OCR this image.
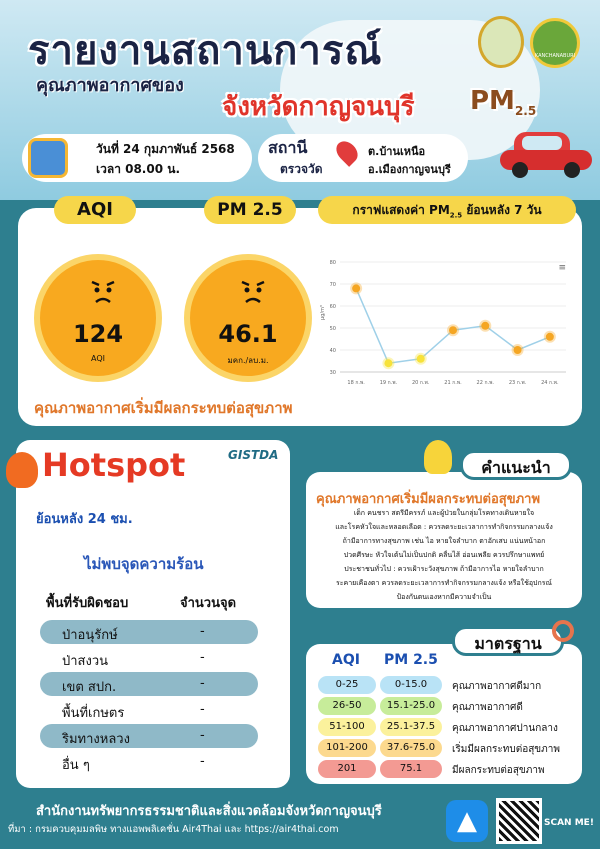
KANCHANABURI
รายงานสถานการณ์
คุณภาพอากาศของ
จังหวัดกาญจนบุรี $PM_{2.5}$
วันที่ 24 กุมภาพันธ์ 2568
เวลา 08.00 น.
สถานี
ตรวจวัด
ต.บ้านเหนือ
อ.เมืองกาญจนบุรี
AQI	PM 2.5	กราฟแสดงค่า $PM_{2.5}$ ย้อนหลัง 7 วัน
124
AQI
46.1
มคก./ลบ.ม.
คุณภาพอากาศเริ่มมีผลกระทบต่อสุขภาพ
80
70
60
50
40
30
µg/m³
≡
18 ก.พ.	19 ก.พ.	20 ก.พ.	21 ก.พ.	22 ก.พ.	23 ก.พ.	24 ก.พ.
Hotspot	GISTDA
ย้อนหลัง 24 ชม.
ไม่พบจุดความร้อน
พื้นที่รับผิดชอบ	จำนวนจุด
ป่าอนุรักษ์	-
ป่าสงวน	-
เขต สปก.	-
พื้นที่เกษตร	-
ริมทางหลวง	-
อื่น ๆ	-
คำแนะนำ
คุณภาพอากาศเริ่มมีผลกระทบต่อสุขภาพ
เด็ก คนชรา สตรีมีครรภ์ และผู้ป่วยในกลุ่มโรคทางเดินหายใจ
และโรคหัวใจและหลอดเลือด : ควรลดระยะเวลาการทำกิจกรรมกลางแจ้ง
ถ้ามีอาการทางสุขภาพ เช่น ไอ หายใจลำบาก ตาอักเสบ แน่นหน้าอก
ปวดศีรษะ หัวใจเต้นไม่เป็นปกติ คลื่นไส้ อ่อนเพลีย ควรปรึกษาแพทย์
ประชาชนทั่วไป : ควรเฝ้าระวังสุขภาพ ถ้ามีอาการไอ หายใจลำบาก
ระคายเคืองตา ควรลดระยะเวลาการทำกิจกรรมกลางแจ้ง หรือใช้อุปกรณ์
ป้องกันตนเองหากมีความจำเป็น
มาตรฐาน
AQI PM 2.5
0-25	0-15.0	คุณภาพอากาศดีมาก
26-50	15.1-25.0	คุณภาพอากาศดี
51-100	25.1-37.5	คุณภาพอากาศปานกลาง
101-200	37.6-75.0	เริ่มมีผลกระทบต่อสุขภาพ
201	75.1	มีผลกระทบต่อสุขภาพ
สำนักงานทรัพยากรธรรมชาติและสิ่งแวดล้อมจังหวัดกาญจนบุรี
ที่มา : กรมควบคุมมลพิษ ทางแอพพลิเคชั่น Air4Thai และ https://air4thai.com	▲	SCAN ME!
